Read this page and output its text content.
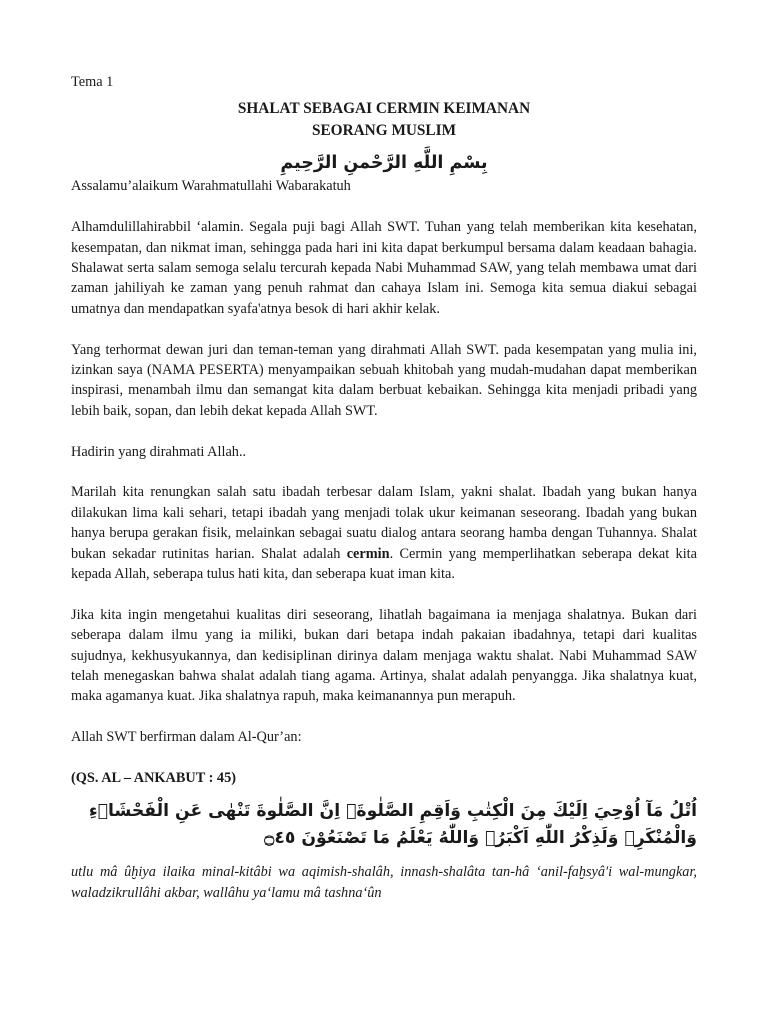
Tema 1

SHALAT SEBAGAI CERMIN KEIMANAN
SEORANG MUSLIM
بِسْمِ اللَّهِ الرَّحْمنِ الرَّحِيمِ

Assalamu’alaikum Warahmatullahi Wabarakatuh

Alhamdulillahirabbil ‘alamin. Segala puji bagi Allah SWT. Tuhan yang telah memberikan kita kesehatan, kesempatan, dan nikmat iman, sehingga pada hari ini kita dapat berkumpul bersama dalam keadaan bahagia. Shalawat serta salam semoga selalu tercurah kepada Nabi Muhammad SAW, yang telah membawa umat dari zaman jahiliyah ke zaman yang penuh rahmat dan cahaya Islam ini. Semoga kita semua diakui sebagai umatnya dan mendapatkan syafa'atnya besok di hari akhir kelak.

Yang terhormat dewan juri dan teman-teman yang dirahmati Allah SWT. pada kesempatan yang mulia ini, izinkan saya (NAMA PESERTA) menyampaikan sebuah khitobah yang mudah-mudahan dapat memberikan inspirasi, menambah ilmu dan semangat kita dalam berbuat kebaikan. Sehingga kita menjadi pribadi yang lebih baik, sopan, dan lebih dekat kepada Allah SWT.

Hadirin yang dirahmati Allah..

Marilah kita renungkan salah satu ibadah terbesar dalam Islam, yakni shalat. Ibadah yang bukan hanya dilakukan lima kali sehari, tetapi ibadah yang menjadi tolak ukur keimanan seseorang. Ibadah yang bukan hanya berupa gerakan fisik, melainkan sebagai suatu dialog antara seorang hamba dengan Tuhannya. Shalat bukan sekadar rutinitas harian. Shalat adalah cermin. Cermin yang memperlihatkan seberapa dekat kita kepada Allah, seberapa tulus hati kita, dan seberapa kuat iman kita.

Jika kita ingin mengetahui kualitas diri seseorang, lihatlah bagaimana ia menjaga shalatnya. Bukan dari seberapa dalam ilmu yang ia miliki, bukan dari betapa indah pakaian ibadahnya, tetapi dari kualitas sujudnya, kekhusyukannya, dan kedisiplinan dirinya dalam menjaga waktu shalat. Nabi Muhammad SAW telah menegaskan bahwa shalat adalah tiang agama. Artinya, shalat adalah penyangga. Jika shalatnya kuat, maka agamanya kuat. Jika shalatnya rapuh, maka keimanannya pun merapuh.

Allah SWT berfirman dalam Al-Qur’an:

(QS. AL – ANKABUT : 45)

اُتْلُ مَآ اُوْحِيَ اِلَيْكَ مِنَ الْكِتٰبِ وَاَقِمِ الصَّلٰوةَۗ اِنَّ الصَّلٰوةَ تَنْهٰى عَنِ الْفَحْشَاۤءِ وَالْمُنْكَرِۗ وَلَذِكْرُ اللّٰهِ اَكْبَرُۗ وَاللّٰهُ يَعْلَمُ مَا تَصْنَعُوْنَ ۝٤٥

utlu mâ ûḫiya ilaika minal-kitâbi wa aqimish-shalâh, innash-shalâta tan-hâ ‘anil-faḫsyâ'i wal-mungkar, waladzikrullâhi akbar, wallâhu ya‘lamu mâ tashna‘ûn
